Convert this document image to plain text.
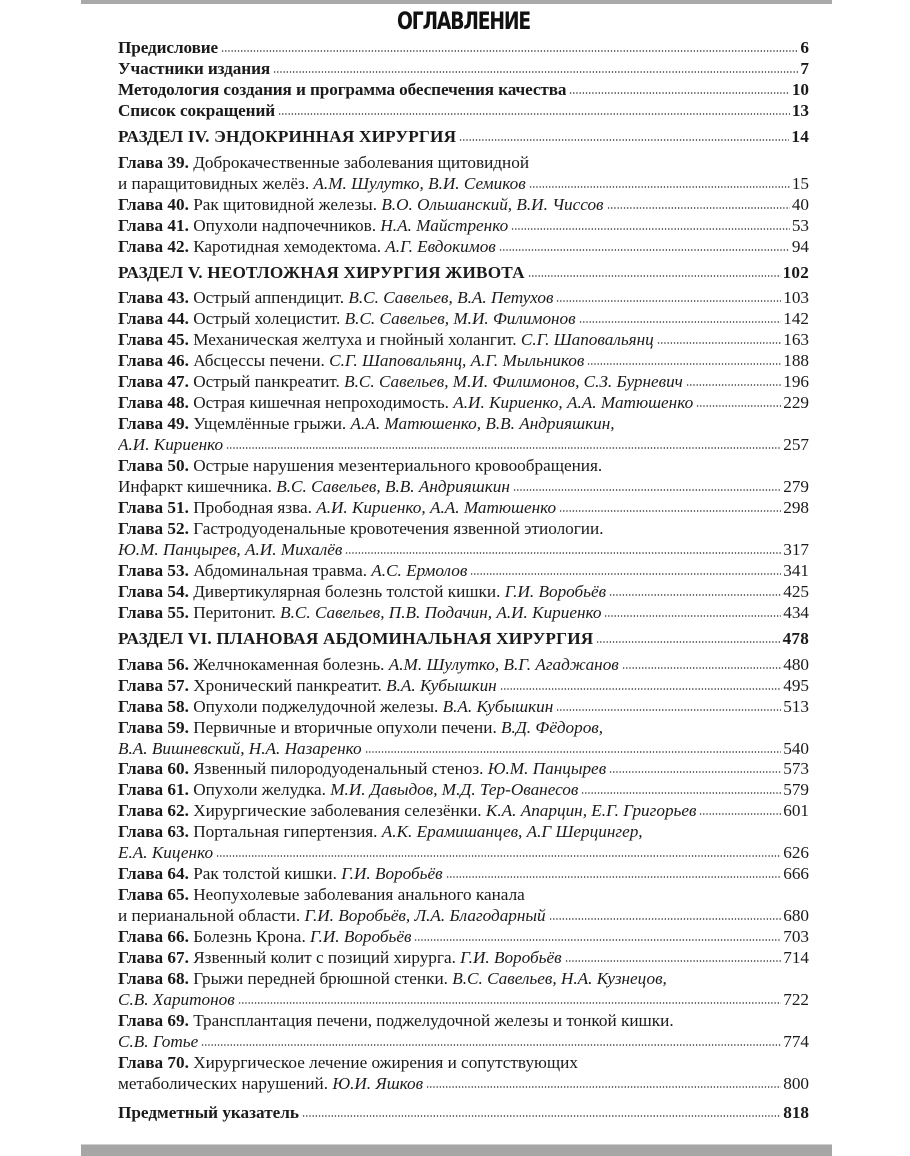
ОГЛАВЛЕНИЕ
Предисловие	6
Участники издания	7
Методология создания и программа обеспечения качества	10
Список сокращений	13
РАЗДЕЛ IV. ЭНДОКРИННАЯ ХИРУРГИЯ	14
Глава 39. Доброкачественные заболевания щитовидной
и паращитовидных желёз. А.М. Шулутко, В.И. Семиков	15
Глава 40. Рак щитовидной железы. В.О. Ольшанский, В.И. Чиссов	40
Глава 41. Опухоли надпочечников. Н.А. Майстренко	53
Глава 42. Каротидная хемодектома. А.Г. Евдокимов	94
РАЗДЕЛ V. НЕОТЛОЖНАЯ ХИРУРГИЯ ЖИВОТА	102
Глава 43. Острый аппендицит. В.С. Савельев, В.А. Петухов	103
Глава 44. Острый холецистит. В.С. Савельев, М.И. Филимонов	142
Глава 45. Механическая желтуха и гнойный холангит. С.Г. Шаповальянц	163
Глава 46. Абсцессы печени. С.Г. Шаповальянц, А.Г. Мыльников	188
Глава 47. Острый панкреатит. В.С. Савельев, М.И. Филимонов, С.З. Бурневич	196
Глава 48. Острая кишечная непроходимость. А.И. Кириенко, А.А. Матюшенко	229
Глава 49. Ущемлённые грыжи. А.А. Матюшенко, В.В. Андрияшкин,
А.И. Кириенко	257
Глава 50. Острые нарушения мезентериального кровообращения.
Инфаркт кишечника. В.С. Савельев, В.В. Андрияшкин	279
Глава 51. Прободная язва. А.И. Кириенко, А.А. Матюшенко	298
Глава 52. Гастродуоденальные кровотечения язвенной этиологии.
Ю.М. Панцырев, А.И. Михалёв	317
Глава 53. Абдоминальная травма. А.С. Ермолов	341
Глава 54. Дивертикулярная болезнь толстой кишки. Г.И. Воробьёв	425
Глава 55. Перитонит. В.С. Савельев, П.В. Подачин, А.И. Кириенко	434
РАЗДЕЛ VI. ПЛАНОВАЯ АБДОМИНАЛЬНАЯ ХИРУРГИЯ	478
Глава 56. Желчнокаменная болезнь. А.М. Шулутко, В.Г. Агаджанов	480
Глава 57. Хронический панкреатит. В.А. Кубышкин	495
Глава 58. Опухоли поджелудочной железы. В.А. Кубышкин	513
Глава 59. Первичные и вторичные опухоли печени. В.Д. Фёдоров,
В.А. Вишневский, Н.А. Назаренко	540
Глава 60. Язвенный пилородуоденальный стеноз. Ю.М. Панцырев	573
Глава 61. Опухоли желудка. М.И. Давыдов, М.Д. Тер-Ованесов	579
Глава 62. Хирургические заболевания селезёнки. К.А. Апарцин, Е.Г. Григорьев	601
Глава 63. Портальная гипертензия. А.К. Ерамишанцев, А.Г Шерцингер,
Е.А. Киценко	626
Глава 64. Рак толстой кишки. Г.И. Воробьёв	666
Глава 65. Неопухолевые заболевания анального канала
и перианальной области. Г.И. Воробьёв, Л.А. Благодарный	680
Глава 66. Болезнь Крона. Г.И. Воробьёв	703
Глава 67. Язвенный колит с позиций хирурга. Г.И. Воробьёв	714
Глава 68. Грыжи передней брюшной стенки. В.С. Савельев, Н.А. Кузнецов,
С.В. Харитонов	722
Глава 69. Трансплантация печени, поджелудочной железы и тонкой кишки.
С.В. Готье	774
Глава 70. Хирургическое лечение ожирения и сопутствующих
метаболических нарушений. Ю.И. Яшков	800
Предметный указатель	818
